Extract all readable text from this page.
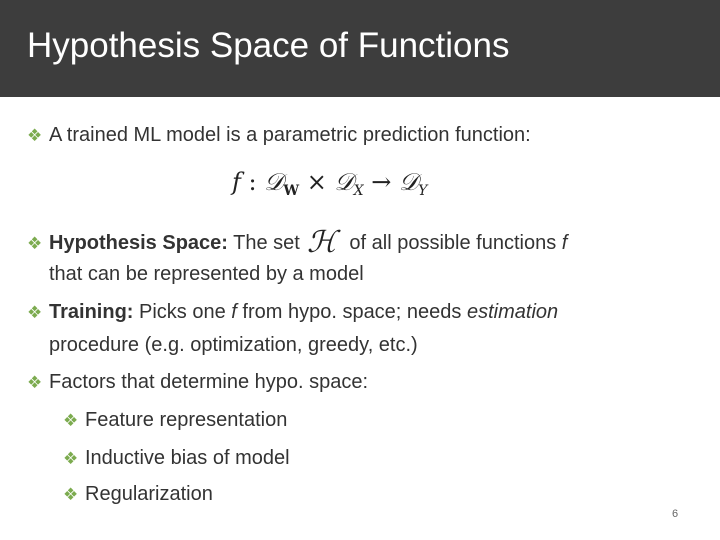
Hypothesis Space of Functions
❖ A trained ML model is a parametric prediction function:
f : 𝒟$_W$ × 𝒟$_X$ → 𝒟$_Y$
❖ Hypothesis Space: The set ℋ of all possible functions f
that can be represented by a model
❖ Training: Picks one f from hypo. space; needs estimation
procedure (e.g. optimization, greedy, etc.)
❖ Factors that determine hypo. space:
❖ Feature representation
❖ Inductive bias of model
❖ Regularization
6
